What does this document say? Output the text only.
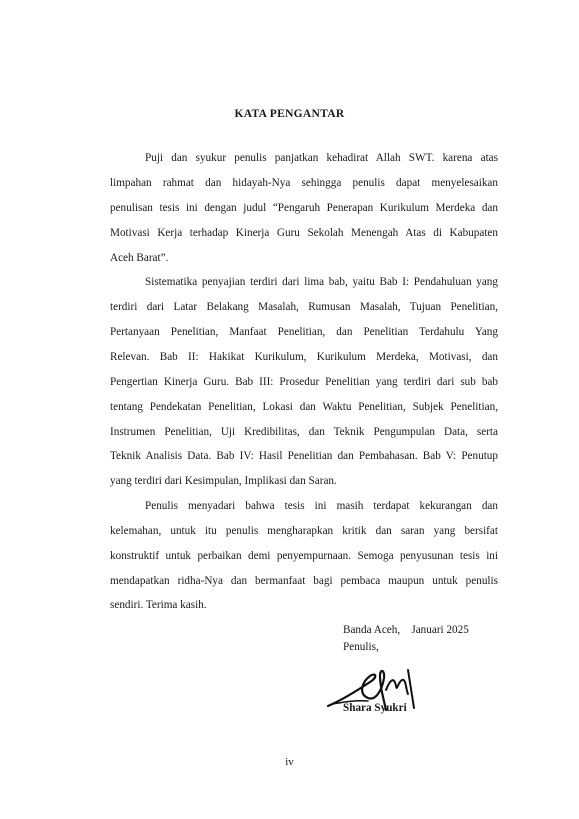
KATA PENGANTAR
Puji dan syukur penulis panjatkan kehadirat Allah SWT. karena atas
limpahan rahmat dan hidayah-Nya sehingga penulis dapat menyelesaikan
penulisan tesis ini dengan judul “Pengaruh Penerapan Kurikulum Merdeka dan
Motivasi Kerja terhadap Kinerja Guru Sekolah Menengah Atas di Kabupaten
Aceh Barat”.
Sistematika penyajian terdiri dari lima bab, yaitu Bab I: Pendahuluan yang
terdiri dari Latar Belakang Masalah, Rumusan Masalah, Tujuan Penelitian,
Pertanyaan Penelitian, Manfaat Penelitian, dan Penelitian Terdahulu Yang
Relevan. Bab II: Hakikat Kurikulum, Kurikulum Merdeka, Motivasi, dan
Pengertian Kinerja Guru. Bab III: Prosedur Penelitian yang terdiri dari sub bab
tentang Pendekatan Penelitian, Lokasi dan Waktu Penelitian, Subjek Penelitian,
Instrumen Penelitian, Uji Kredibilitas, dan Teknik Pengumpulan Data, serta
Teknik Analisis Data. Bab IV: Hasil Penelitian dan Pembahasan. Bab V: Penutup
yang terdiri dari Kesimpulan, Implikasi dan Saran.
Penulis menyadari bahwa tesis ini masih terdapat kekurangan dan
kelemahan, untuk itu penulis mengharapkan kritik dan saran yang bersifat
konstruktif untuk perbaikan demi penyempurnaan. Semoga penyusunan tesis ini
mendapatkan ridha-Nya dan bermanfaat bagi pembaca maupun untuk penulis
sendiri. Terima kasih.
Banda Aceh,    Januari 2025
Penulis,
Shara Syukri
iv
